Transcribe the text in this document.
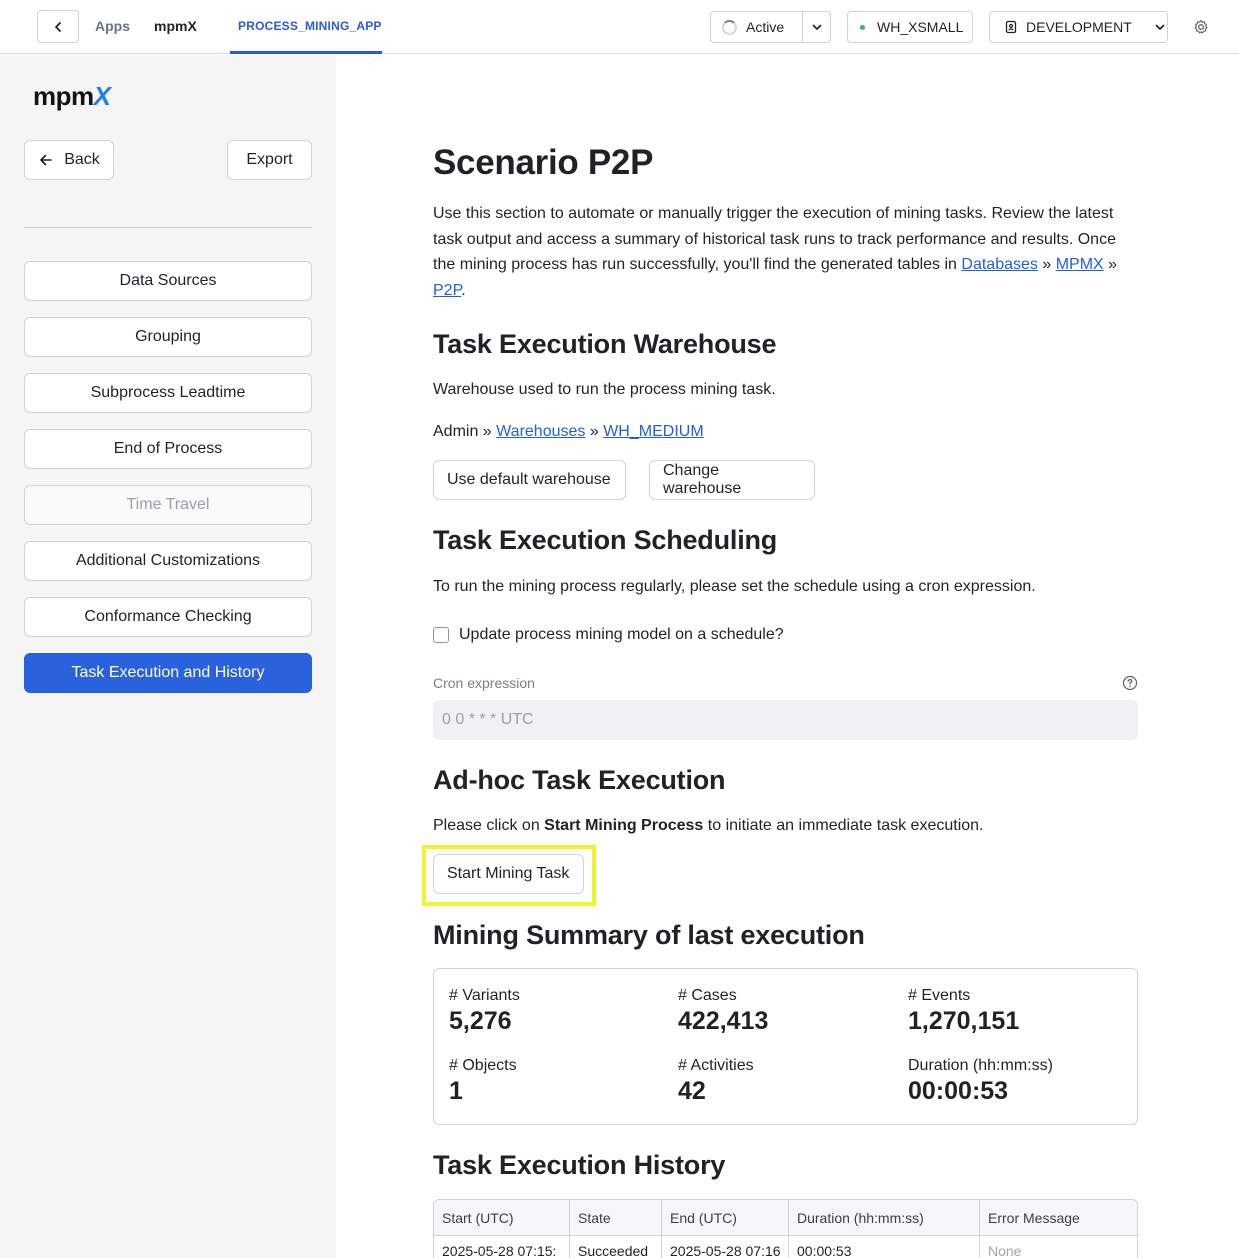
Apps mpmX	PROCESS_MINING_APP	Active	WH_XSMALL	DEVELOPMENT
mpmX
Back	Export
Data Sources
Grouping
Subprocess Leadtime
End of Process
Time Travel
Additional Customizations
Conformance Checking
Task Execution and History
Scenario P2P

Use this section to automate or manually trigger the execution of mining tasks. Review the latest task output and access a summary of historical task runs to track performance and results. Once the mining process has run successfully, you'll find the generated tables in Databases » MPMX » P2P.

Task Execution Warehouse

Warehouse used to run the process mining task.

Admin » Warehouses » WH_MEDIUM

Use default warehouse
Change warehouse
Task Execution Scheduling

To run the mining process regularly, please set the schedule using a cron expression.

Update process mining model on a schedule?
Cron expression
0 0 * * * UTC
Ad-hoc Task Execution

Please click on Start Mining Process to initiate an immediate task execution.

Start Mining Task
Mining Summary of last execution
# Variants
5,276
# Cases
422,413
# Events
1,270,151
# Objects
1
# Activities
42
Duration (hh:mm:ss)
00:00:53
Task Execution History
Start (UTC)	State	End (UTC)	Duration (hh:mm:ss)	Error Message
2025-05-28 07:15:	Succeeded	2025-05-28 07:16	00:00:53	None
